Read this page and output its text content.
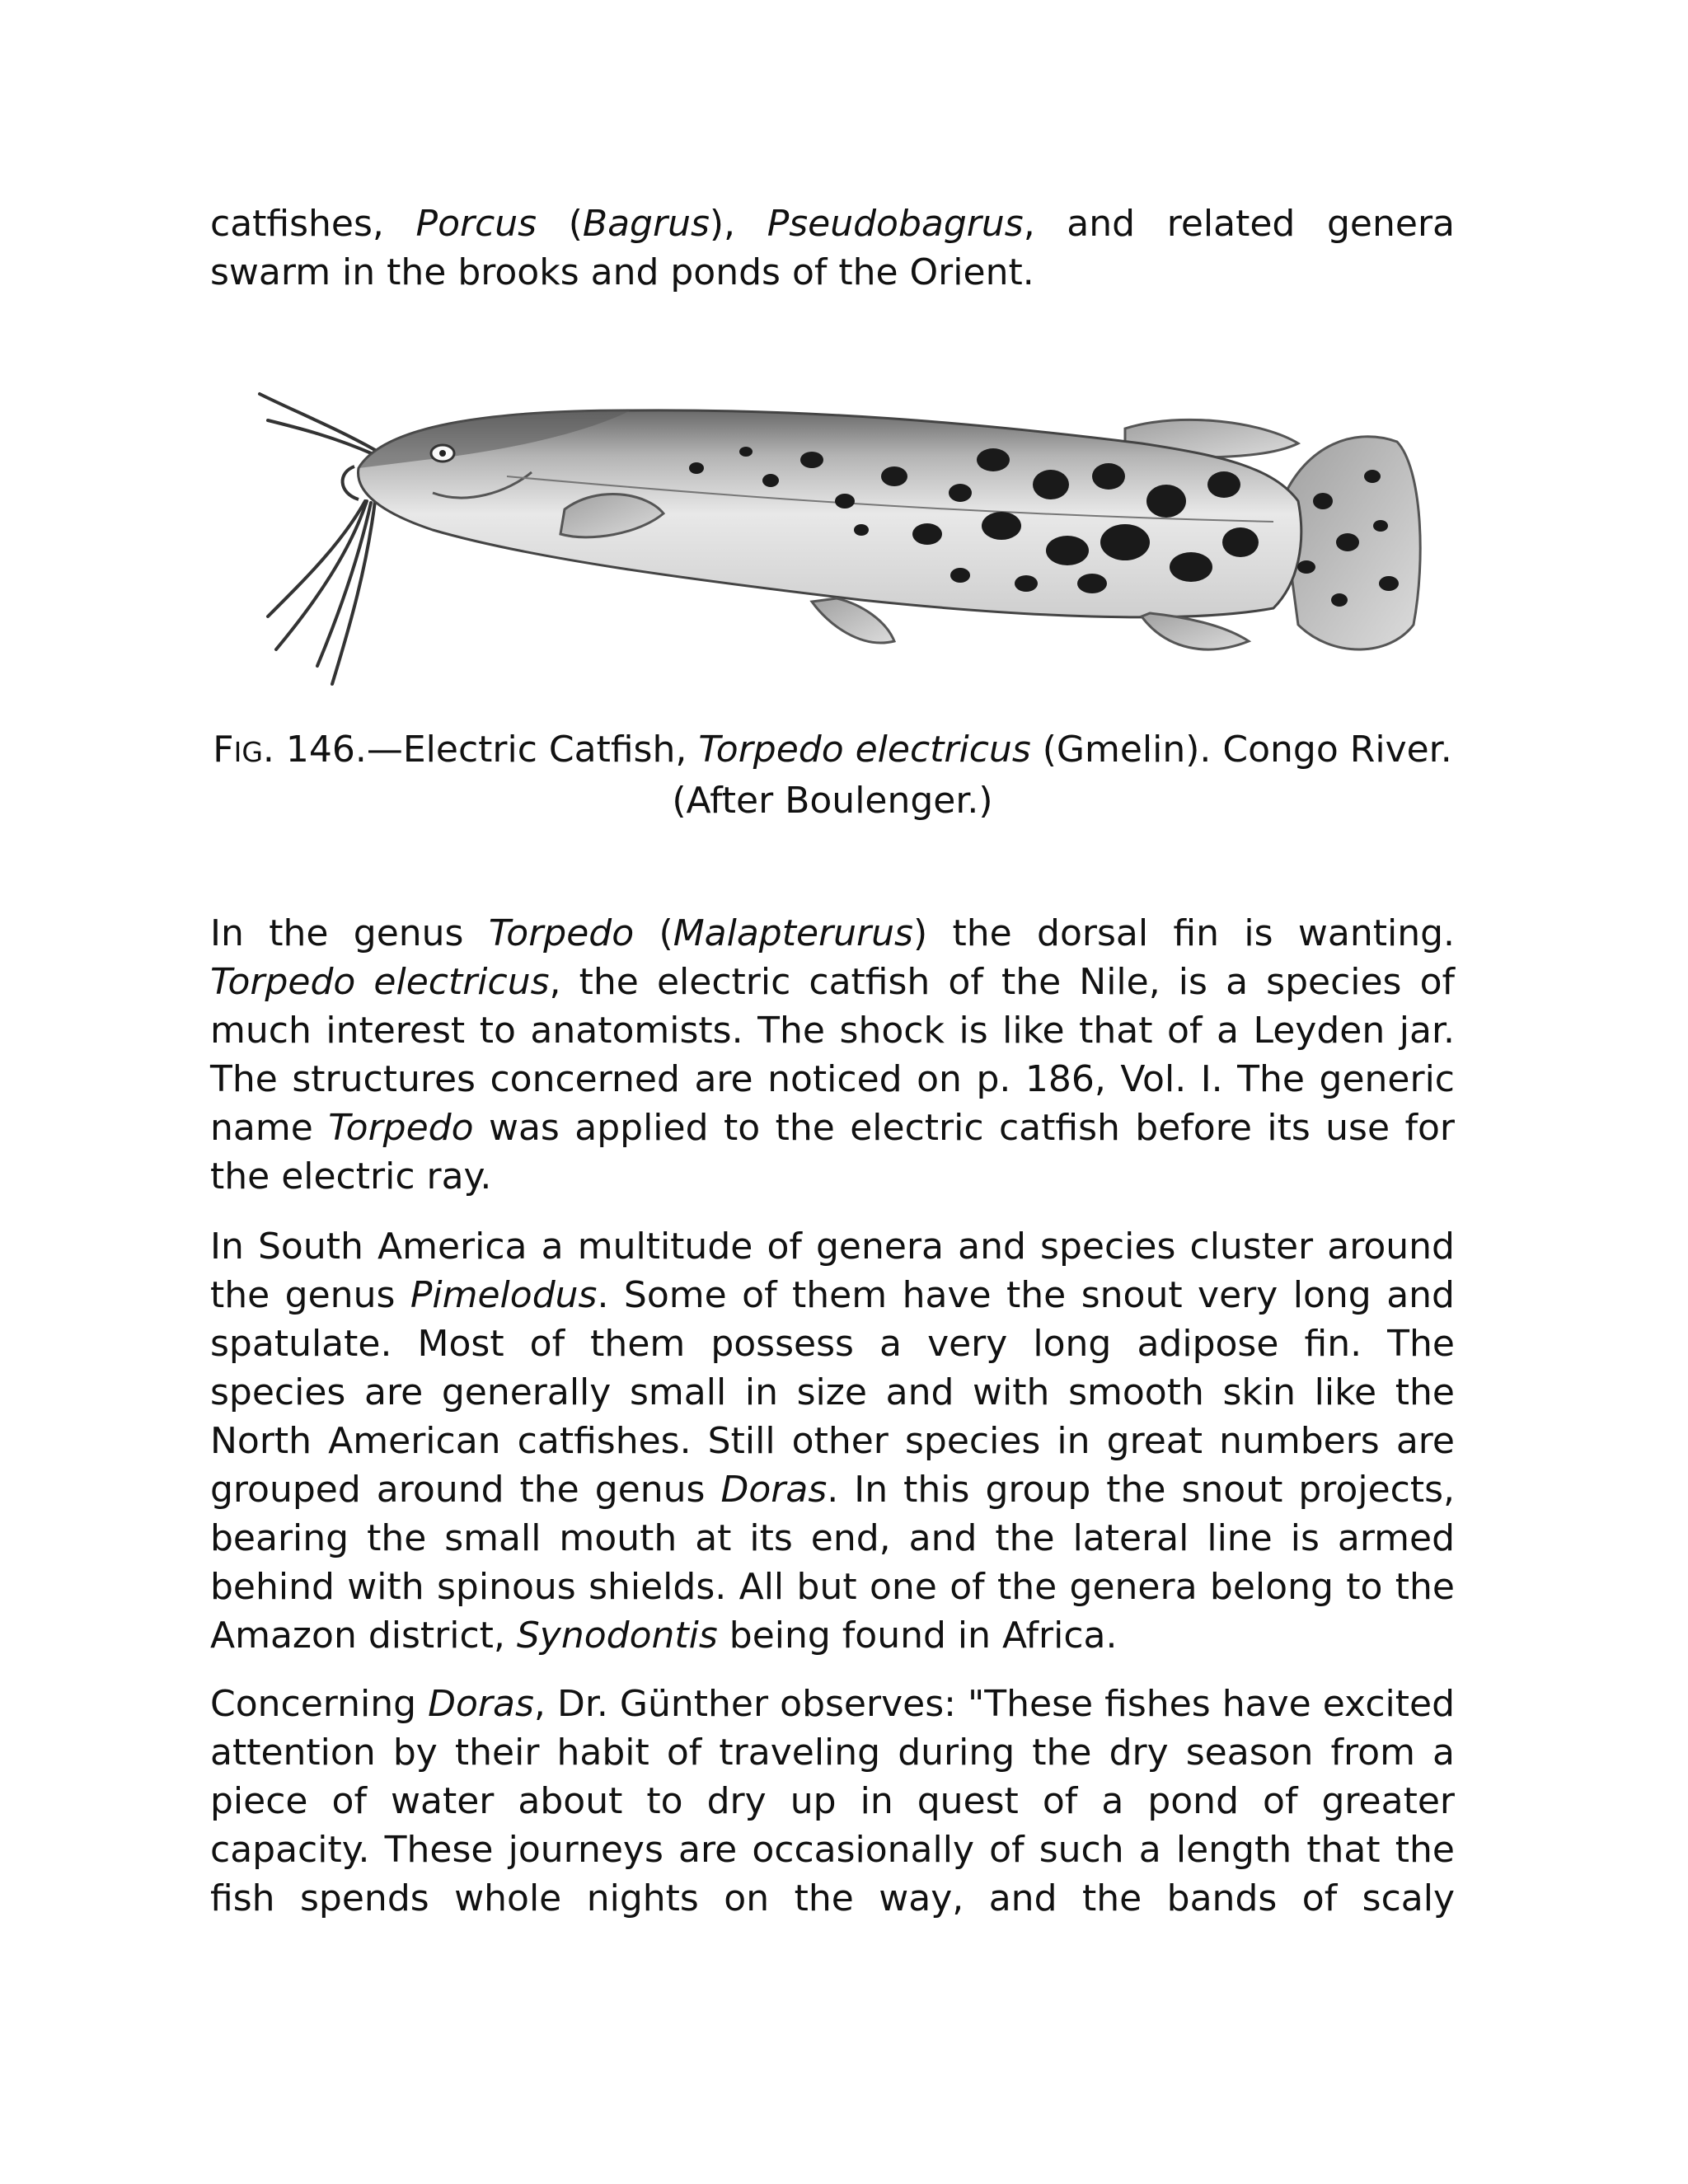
catfishes, Porcus (Bagrus), Pseudobagrus, and related genera swarm in the brooks and ponds of the Orient.

FIG. 146.—Electric Catfish, Torpedo electricus (Gmelin). Congo River. (After Boulenger.)

In the genus Torpedo (Malapterurus) the dorsal fin is wanting. Torpedo electricus, the electric catfish of the Nile, is a species of much interest to anatomists. The shock is like that of a Leyden jar. The structures concerned are noticed on p. 186, Vol. I. The generic name Torpedo was applied to the electric catfish before its use for the electric ray.

In South America a multitude of genera and species cluster around the genus Pimelodus. Some of them have the snout very long and spatulate. Most of them possess a very long adipose fin. The species are generally small in size and with smooth skin like the North American catfishes. Still other species in great numbers are grouped around the genus Doras. In this group the snout projects, bearing the small mouth at its end, and the lateral line is armed behind with spinous shields. All but one of the genera belong to the Amazon district, Synodontis being found in Africa.

Concerning Doras, Dr. Günther observes: "These fishes have excited attention by their habit of traveling during the dry season from a piece of water about to dry up in quest of a pond of greater capacity. These journeys are occasionally of such a length that the fish spends whole nights on the way, and the bands of scaly
